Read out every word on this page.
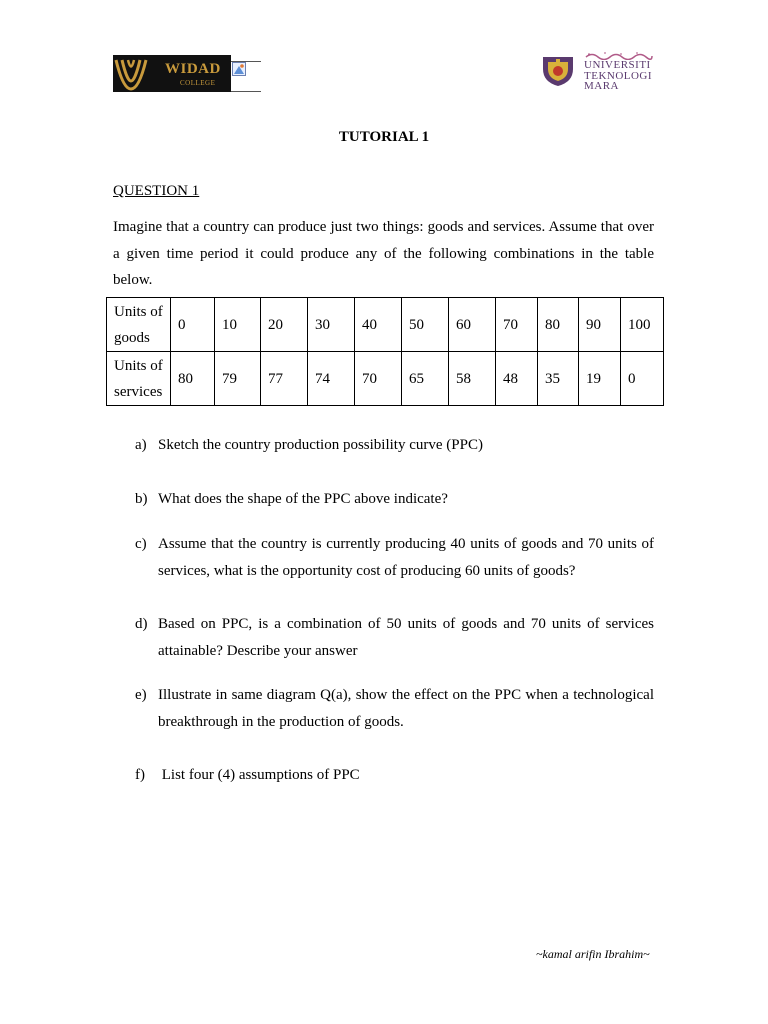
WIDAD
COLLEGE
UNIVERSITI
TEKNOLOGI
MARA
TUTORIAL 1
QUESTION 1
Imagine that a country can produce just two things: goods and services. Assume that over a given time period it could produce any of the following combinations in the table below.
Units of goods	0	10	20	30	40	50	60	70	80	90	100
Units of services	80	79	77	74	70	65	58	48	35	19	0
a) Sketch the country production possibility curve (PPC)
b) What does the shape of the PPC above indicate?
c) Assume that the country is currently producing 40 units of goods and 70 units of services, what is the opportunity cost of producing 60 units of goods?
d) Based on PPC, is a combination of 50 units of goods and 70 units of services attainable? Describe your answer
e) Illustrate in same diagram Q(a), show the effect on the PPC when a technological breakthrough in the production of goods.
f) List four (4) assumptions of PPC
~kamal arifin Ibrahim~
